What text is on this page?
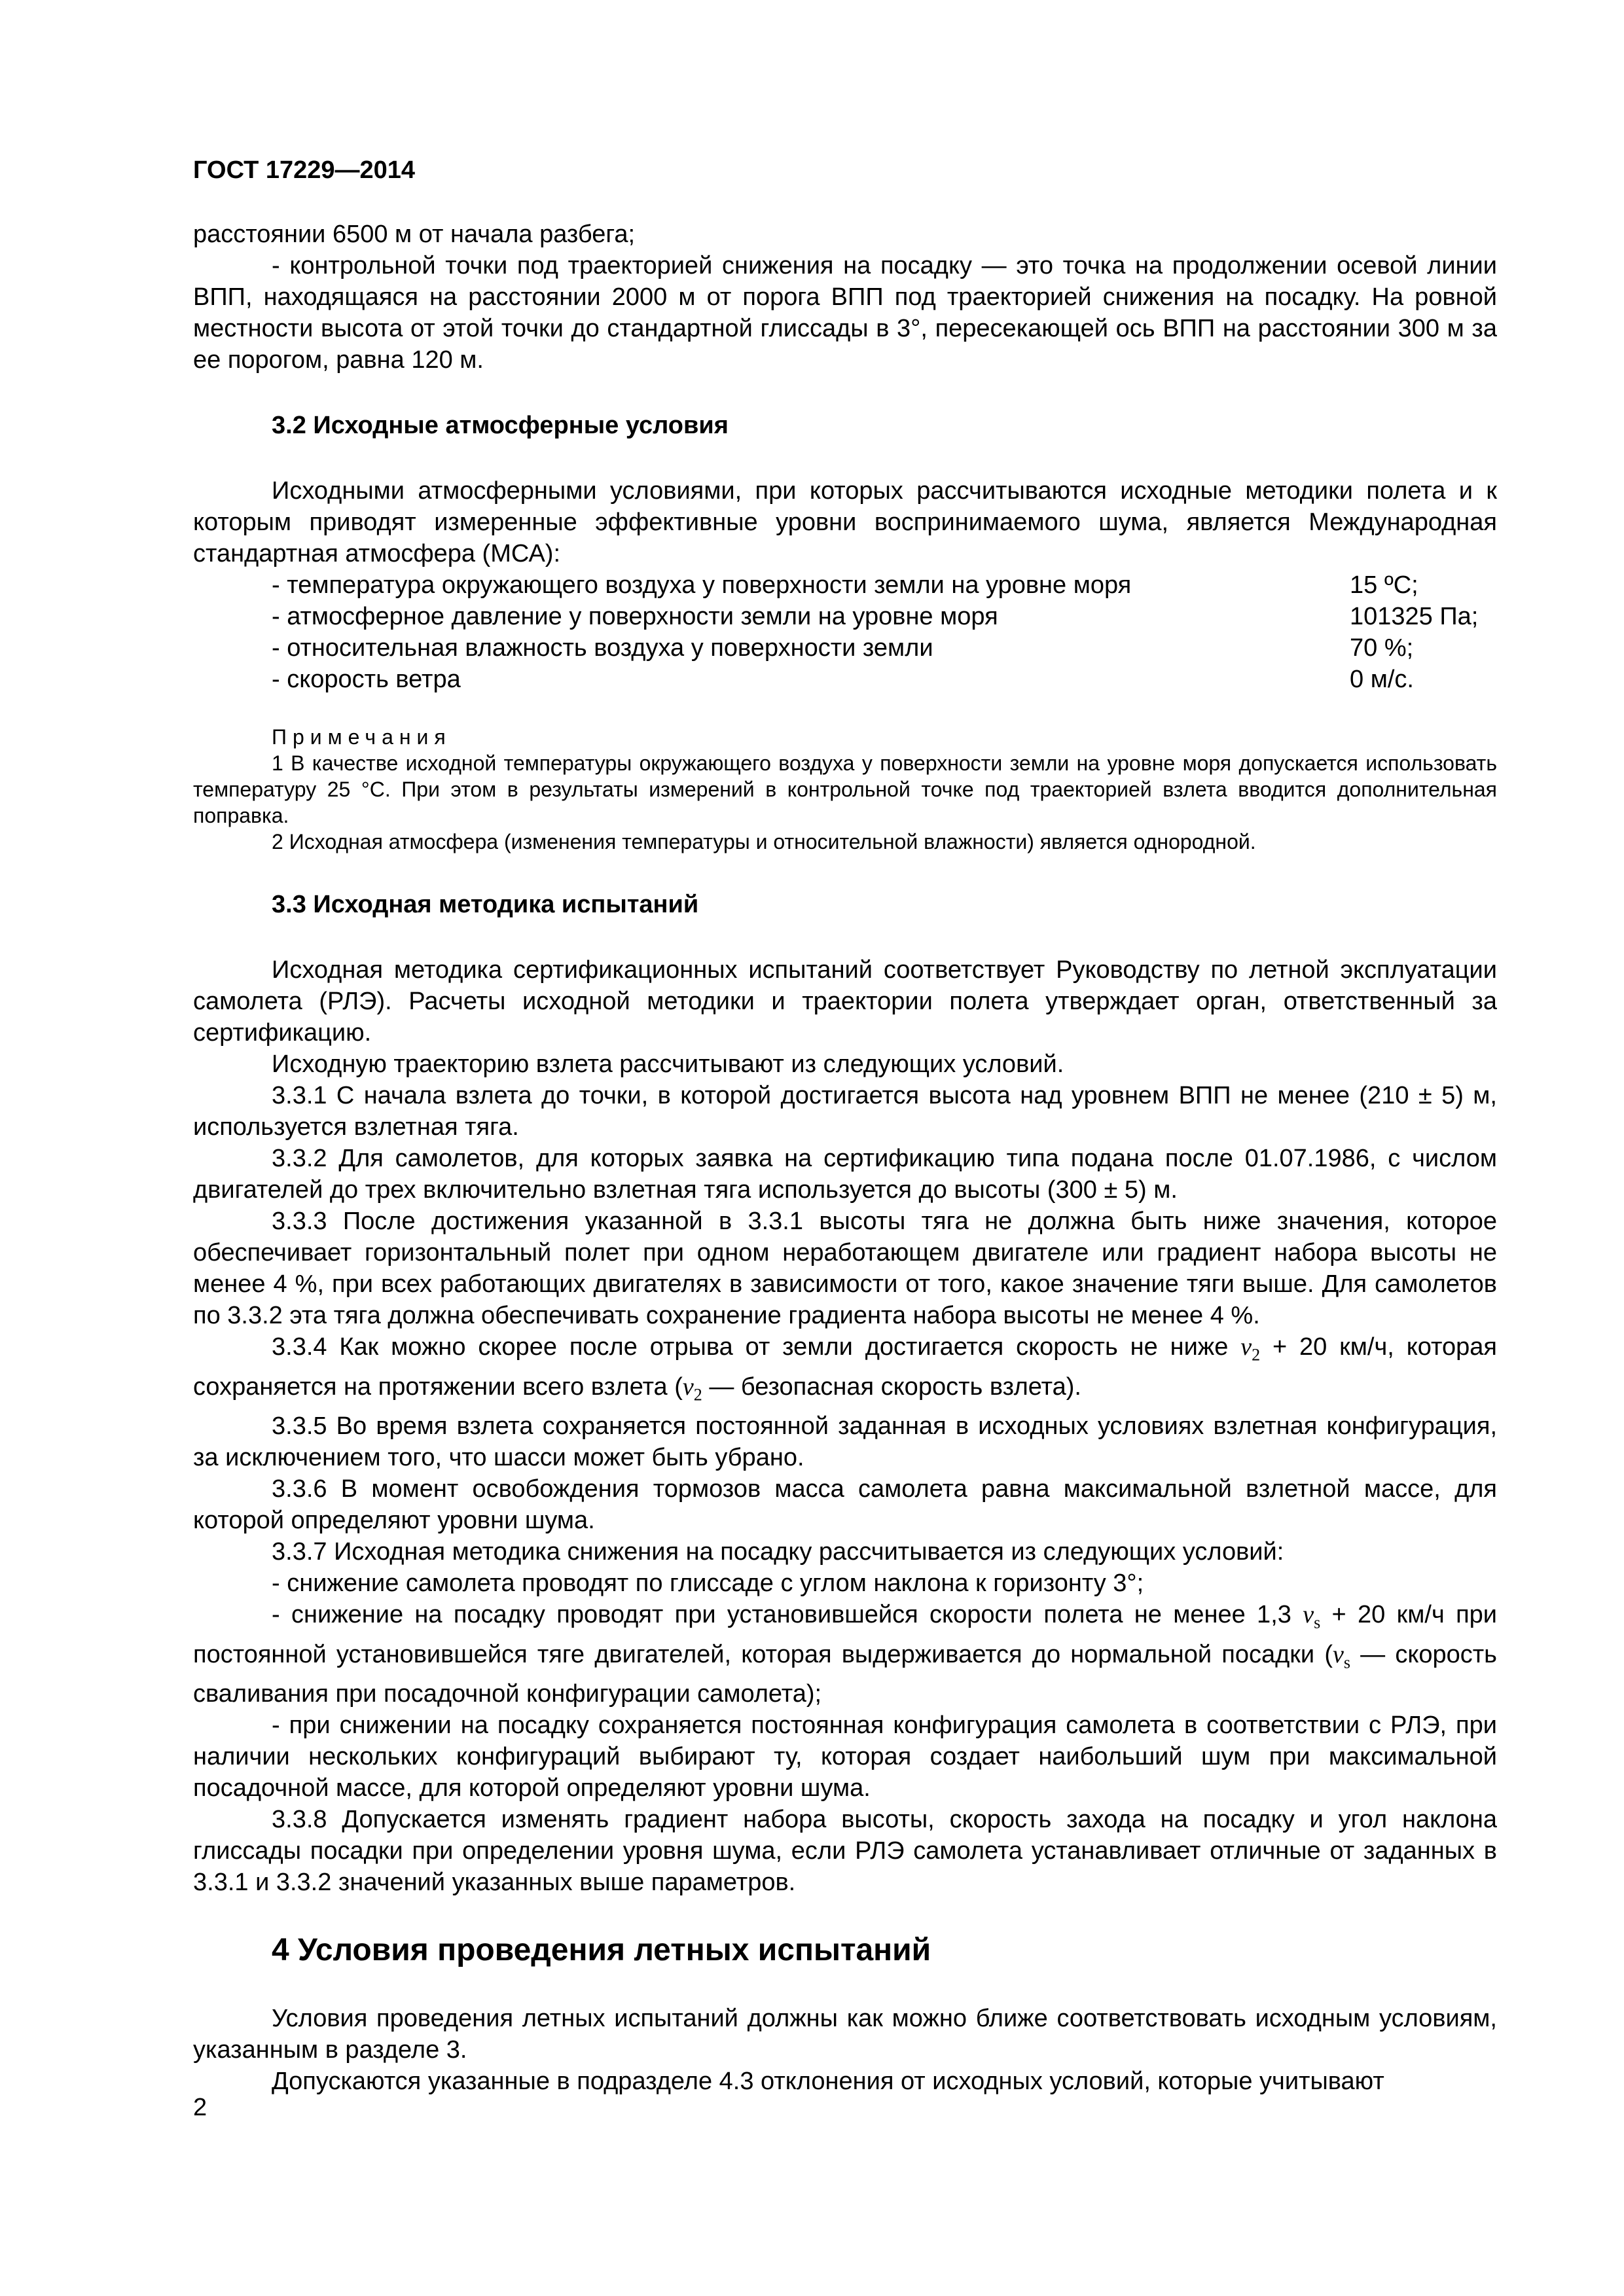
ГОСТ 17229—2014

расстоянии 6500 м от начала разбега;

- контрольной точки под траекторией снижения на посадку — это точка на продолжении осевой линии ВПП, находящаяся на расстоянии 2000 м от порога ВПП под траекторией снижения на посадку. На ровной местности высота от этой точки до стандартной глиссады в 3°, пересекающей ось ВПП на расстоянии 300 м за ее порогом, равна 120 м.

3.2 Исходные атмосферные условия

Исходными атмосферными условиями, при которых рассчитываются исходные методики полета и к которым приводят измеренные эффективные уровни воспринимаемого шума, является Международная стандартная атмосфера (МСА):

- температура окружающего воздуха у поверхности земли на уровне моря	15 ºС;
- атмосферное давление у поверхности земли на уровне моря	101325 Па;
- относительная влажность воздуха у поверхности земли	70 %;
- скорость ветра	0 м/с.

Примечания

1 В качестве исходной температуры окружающего воздуха у поверхности земли на уровне моря допускается использовать температуру 25 °С. При этом в результаты измерений в контрольной точке под траекторией взлета вводится дополнительная поправка.

2 Исходная атмосфера (изменения температуры и относительной влажности) является однородной.

3.3 Исходная методика испытаний

Исходная методика сертификационных испытаний соответствует Руководству по летной эксплуатации самолета (РЛЭ). Расчеты исходной методики и траектории полета утверждает орган, ответственный за сертификацию.

Исходную траекторию взлета рассчитывают из следующих условий.

3.3.1 С начала взлета до точки, в которой достигается высота над уровнем ВПП не менее (210 ± 5) м, используется взлетная тяга.

3.3.2 Для самолетов, для которых заявка на сертификацию типа подана после 01.07.1986, с числом двигателей до трех включительно взлетная тяга используется до высоты (300 ± 5) м.

3.3.3 После достижения указанной в 3.3.1 высоты тяга не должна быть ниже значения, которое обеспечивает горизонтальный полет при одном неработающем двигателе или градиент набора высоты не менее 4 %, при всех работающих двигателях в зависимости от того, какое значение тяги выше. Для самолетов по 3.3.2 эта тяга должна обеспечивать сохранение градиента набора высоты не менее 4 %.

3.3.4 Как можно скорее после отрыва от земли достигается скорость не ниже $v_2 + 20$ км/ч, которая сохраняется на протяжении всего взлета ($v_2$ — безопасная скорость взлета).

3.3.5 Во время взлета сохраняется постоянной заданная в исходных условиях взлетная конфигурация, за исключением того, что шасси может быть убрано.

3.3.6 В момент освобождения тормозов масса самолета равна максимальной взлетной массе, для которой определяют уровни шума.

3.3.7 Исходная методика снижения на посадку рассчитывается из следующих условий:

- снижение самолета проводят по глиссаде с углом наклона к горизонту 3°;

- снижение на посадку проводят при установившейся скорости полета не менее 1,3 $v_s + 20$ км/ч при постоянной установившейся тяге двигателей, которая выдерживается до нормальной посадки ($v_s$ — скорость сваливания при посадочной конфигурации самолета);

- при снижении на посадку сохраняется постоянная конфигурация самолета в соответствии с РЛЭ, при наличии нескольких конфигураций выбирают ту, которая создает наибольший шум при максимальной посадочной массе, для которой определяют уровни шума.

3.3.8 Допускается изменять градиент набора высоты, скорость захода на посадку и угол наклона глиссады посадки при определении уровня шума, если РЛЭ самолета устанавливает отличные от заданных в 3.3.1 и 3.3.2 значений указанных выше параметров.

4 Условия проведения летных испытаний

Условия проведения летных испытаний должны как можно ближе соответствовать исходным условиям, указанным в разделе 3.

Допускаются указанные в подразделе 4.3 отклонения от исходных условий, которые учитывают

2
